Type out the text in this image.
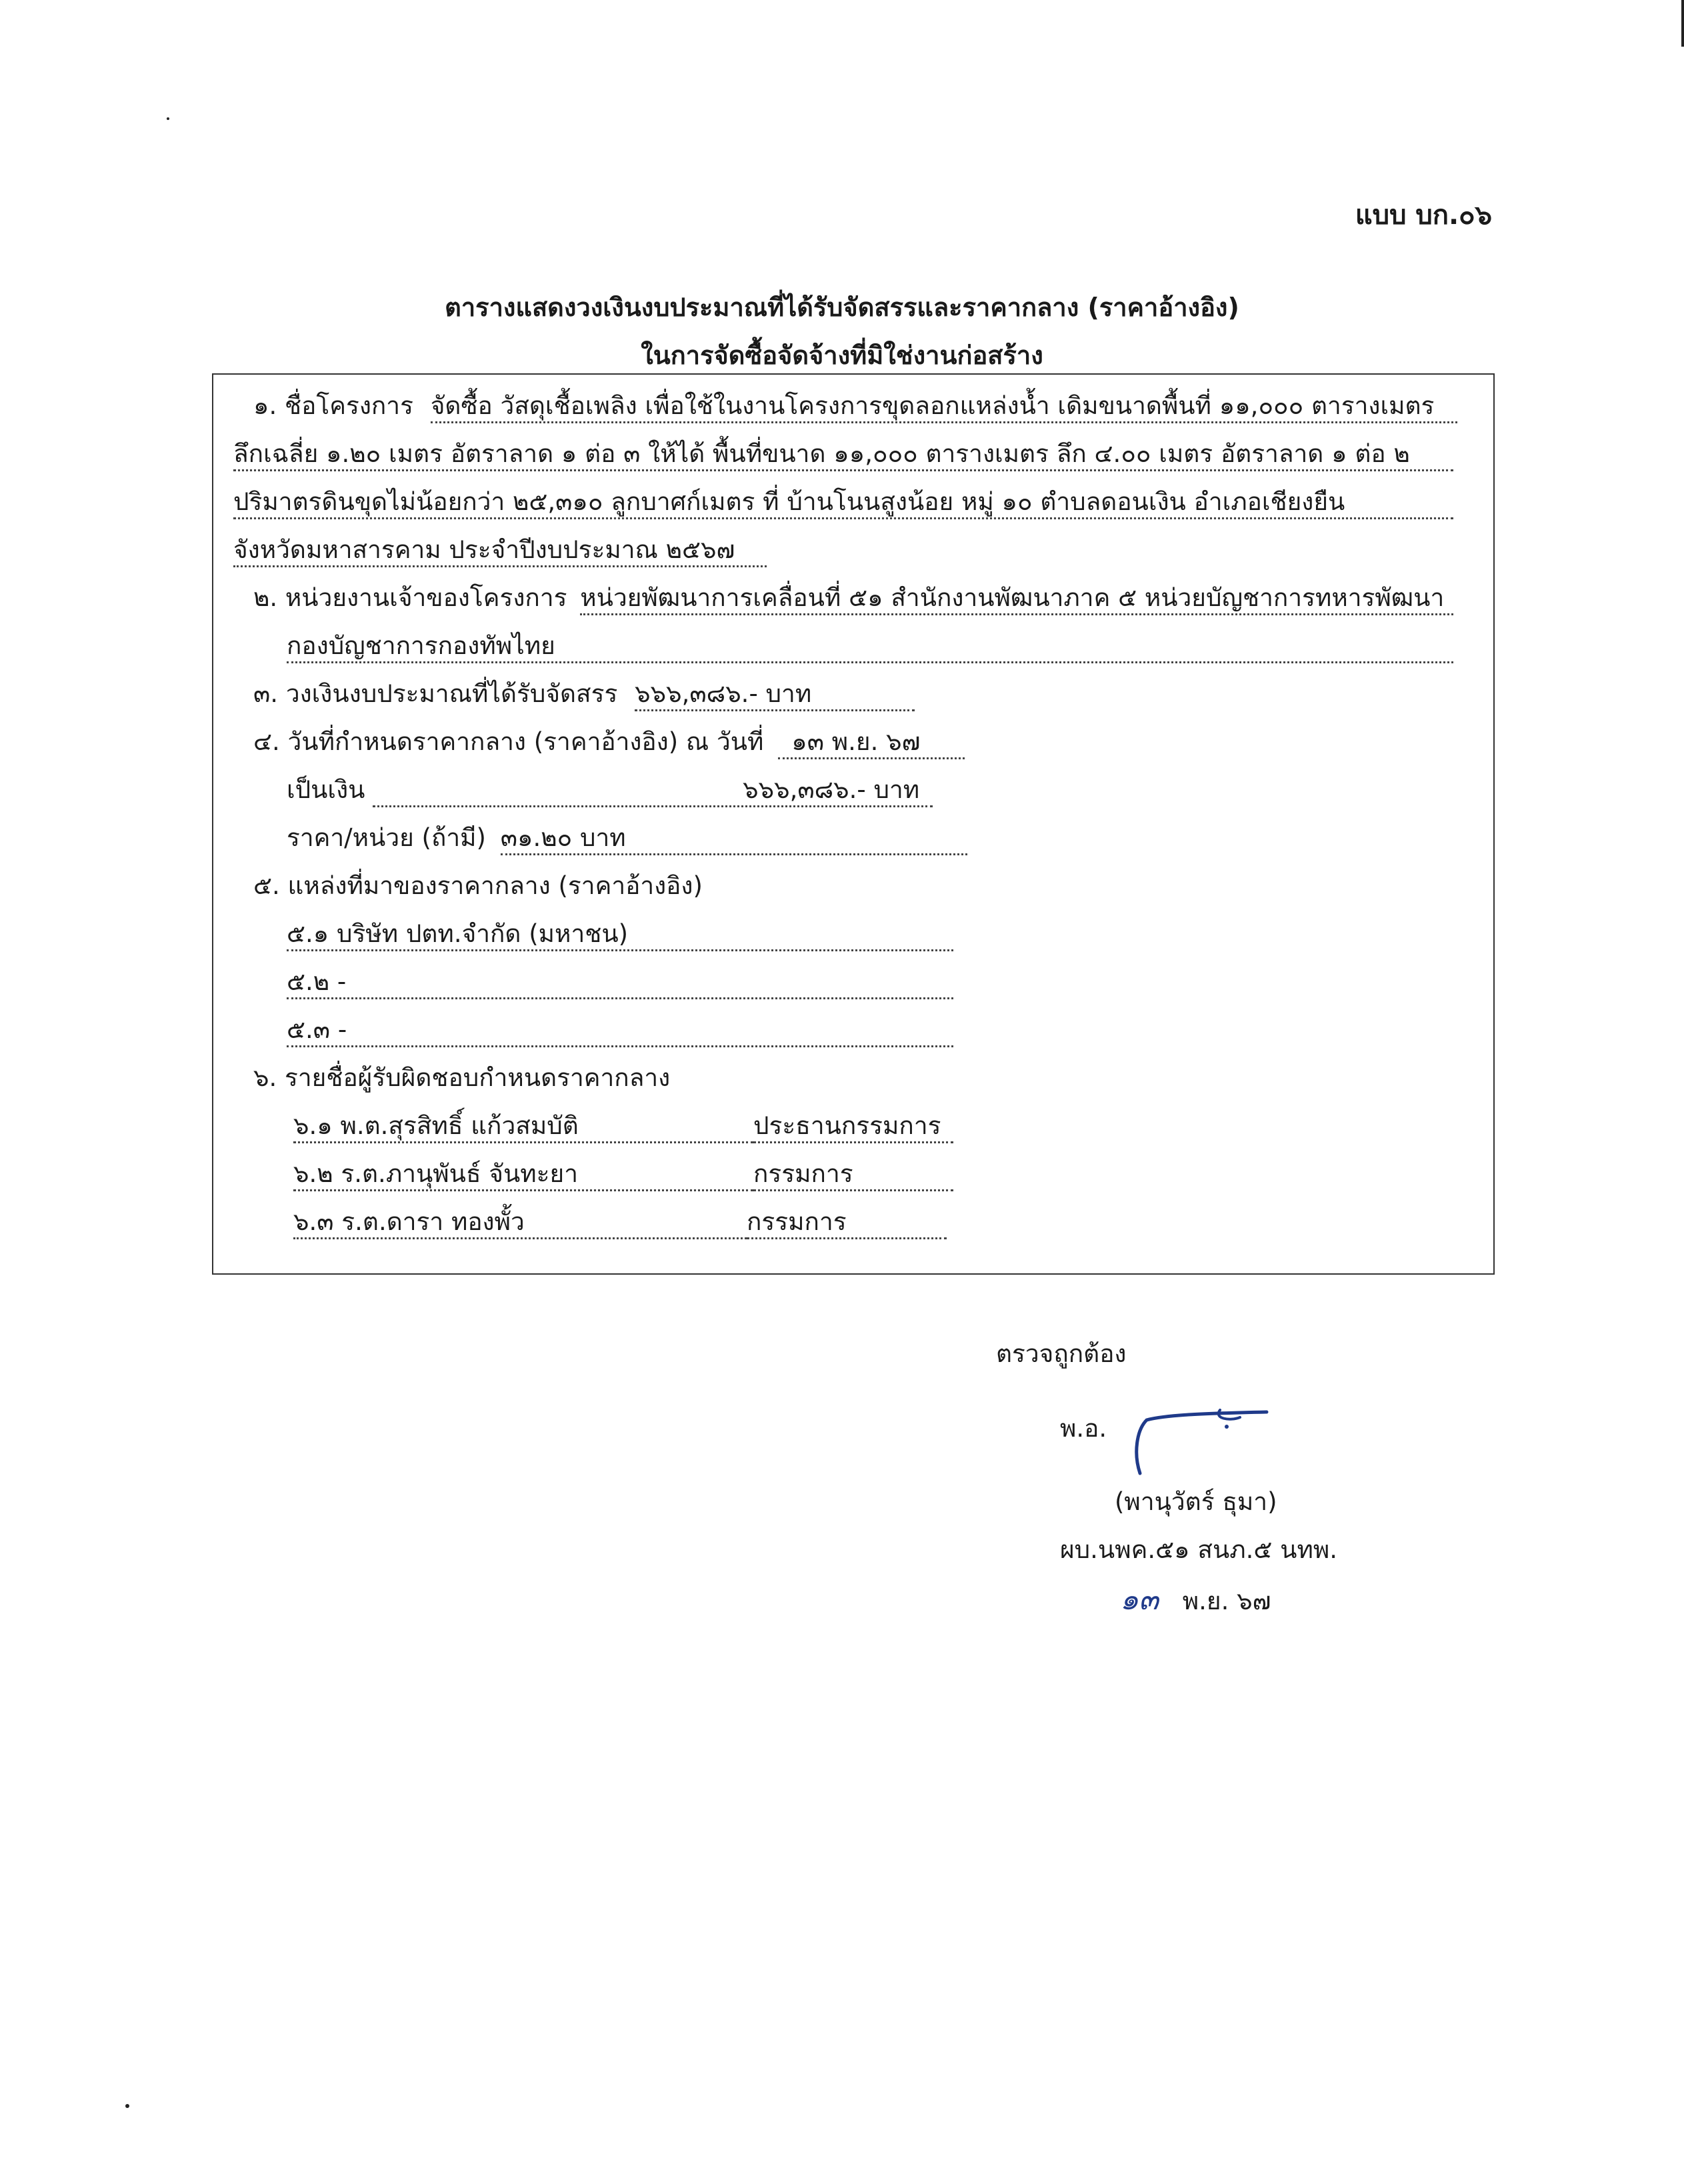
แบบ บก.๐๖
ตารางแสดงวงเงินงบประมาณที่ได้รับจัดสรรและราคากลาง (ราคาอ้างอิง)
ในการจัดซื้อจัดจ้างที่มิใช่งานก่อสร้าง
๑. ชื่อโครงการ จัดซื้อ วัสดุเชื้อเพลิง เพื่อใช้ในงานโครงการขุดลอกแหล่งน้ำ เดิมขนาดพื้นที่ ๑๑,๐๐๐ ตารางเมตร
ลึกเฉลี่ย ๑.๒๐ เมตร อัตราลาด ๑ ต่อ ๓ ให้ได้ พื้นที่ขนาด ๑๑,๐๐๐ ตารางเมตร ลึก ๔.๐๐ เมตร อัตราลาด ๑ ต่อ ๒
ปริมาตรดินขุดไม่น้อยกว่า ๒๕,๓๑๐ ลูกบาศก์เมตร ที่ บ้านโนนสูงน้อย หมู่ ๑๐ ตำบลดอนเงิน อำเภอเชียงยืน
จังหวัดมหาสารคาม ประจำปีงบประมาณ ๒๕๖๗
๒. หน่วยงานเจ้าของโครงการ หน่วยพัฒนาการเคลื่อนที่ ๕๑ สำนักงานพัฒนาภาค ๕ หน่วยบัญชาการทหารพัฒนา
กองบัญชาการกองทัพไทย
๓. วงเงินงบประมาณที่ได้รับจัดสรร ๖๖๖,๓๘๖.- บาท
๔. วันที่กำหนดราคากลาง (ราคาอ้างอิง) ณ วันที่ ๑๓ พ.ย. ๖๗
เป็นเงิน	๖๖๖,๓๘๖.- บาท
ราคา/หน่วย (ถ้ามี) ๓๑.๒๐ บาท
๕. แหล่งที่มาของราคากลาง (ราคาอ้างอิง)
๕.๑ บริษัท ปตท.จำกัด (มหาชน)
๕.๒ -
๕.๓ -
๖. รายชื่อผู้รับผิดชอบกำหนดราคากลาง
๖.๑ พ.ต.สุรสิทธิ์ แก้วสมบัติ	ประธานกรรมการ
๖.๒ ร.ต.ภานุพันธ์ จันทะยา	กรรมการ
๖.๓ ร.ต.ดารา ทองพั้ว	กรรมการ
ตรวจถูกต้อง
พ.อ.
(พานุวัตร์ ธุมา)
ผบ.นพค.๕๑ สนภ.๕ นทพ.
๑๓ พ.ย. ๖๗
